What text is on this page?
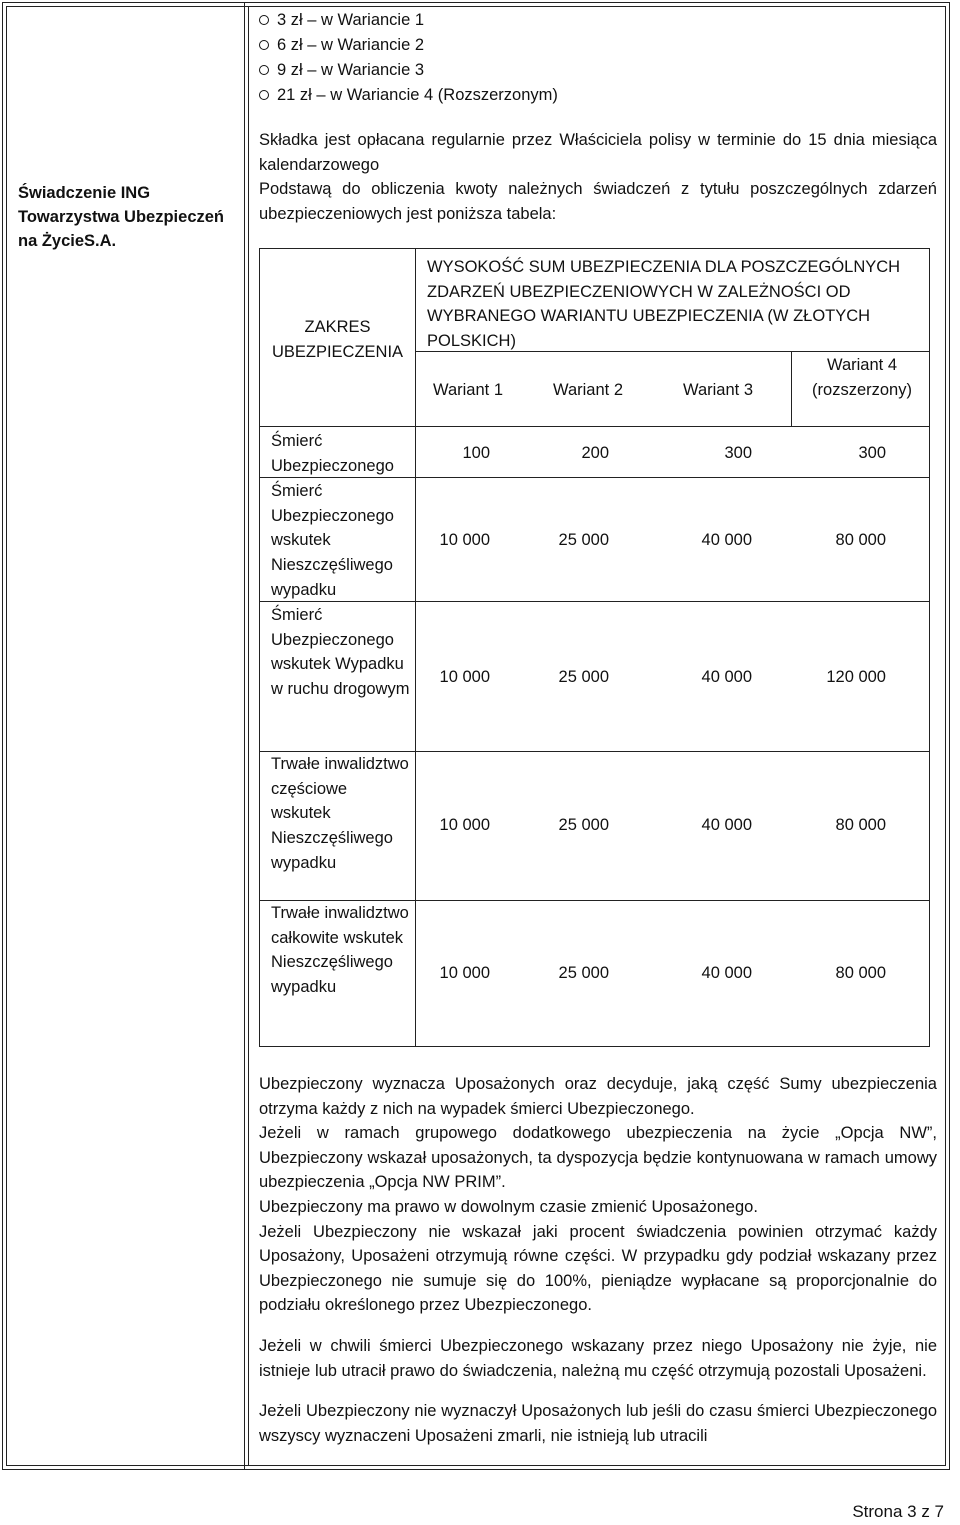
Świadczenie ING Towarzystwa Ubezpieczeń na ŻycieS.A.
3 zł – w Wariancie 1
6 zł – w Wariancie 2
9 zł – w Wariancie 3
21 zł – w Wariancie 4 (Rozszerzonym)

Składka jest opłacana regularnie przez Właściciela polisy w terminie do 15 dnia miesiąca kalendarzowego

Podstawą do obliczenia kwoty należnych świadczeń z tytułu poszczególnych zdarzeń ubezpieczeniowych jest poniższa tabela:

ZAKRES UBEZPIECZENIA
WYSOKOŚĆ SUM UBEZPIECZENIA DLA POSZCZEGÓLNYCH ZDARZEŃ UBEZPIECZENIOWYCH W ZALEŻNOŚCI OD WYBRANEGO WARIANTU UBEZPIECZENIA (W ZŁOTYCH POLSKICH)
Wariant 1	Wariant 2	Wariant 3
Wariant 4 (rozszerzony)
Śmierć Ubezpieczonego
100	200	300	300
Śmierć Ubezpieczonego wskutek Nieszczęśliwego wypadku
10 000	25 000	40 000	80 000
Śmierć Ubezpieczonego wskutek Wypadku w ruchu drogowym
10 000	25 000	40 000	120 000
Trwałe inwalidztwo częściowe wskutek Nieszczęśliwego wypadku
10 000	25 000	40 000	80 000
Trwałe inwalidztwo całkowite wskutek Nieszczęśliwego wypadku
10 000	25 000	40 000	80 000

Ubezpieczony wyznacza Uposażonych oraz decyduje, jaką część Sumy ubezpieczenia otrzyma każdy z nich na wypadek śmierci Ubezpieczonego.

Jeżeli w ramach grupowego dodatkowego ubezpieczenia na życie „Opcja NW”, Ubezpieczony wskazał uposażonych, ta dyspozycja będzie kontynuowana w ramach umowy ubezpieczenia „Opcja NW PRIM”.

Ubezpieczony ma prawo w dowolnym czasie zmienić Uposażonego.

Jeżeli Ubezpieczony nie wskazał jaki procent świadczenia powinien otrzymać każdy Uposażony, Uposażeni otrzymują równe części. W przypadku gdy podział wskazany przez Ubezpieczonego nie sumuje się do 100%, pieniądze wypłacane są proporcjonalnie do podziału określonego przez Ubezpieczonego.

Jeżeli w chwili śmierci Ubezpieczonego wskazany przez niego Uposażony nie żyje, nie istnieje lub utracił prawo do świadczenia, należną mu część otrzymują pozostali Uposażeni.

Jeżeli Ubezpieczony nie wyznaczył Uposażonych lub jeśli do czasu śmierci Ubezpieczonego wszyscy wyznaczeni Uposażeni zmarli, nie istnieją lub utracili

Strona 3 z 7
